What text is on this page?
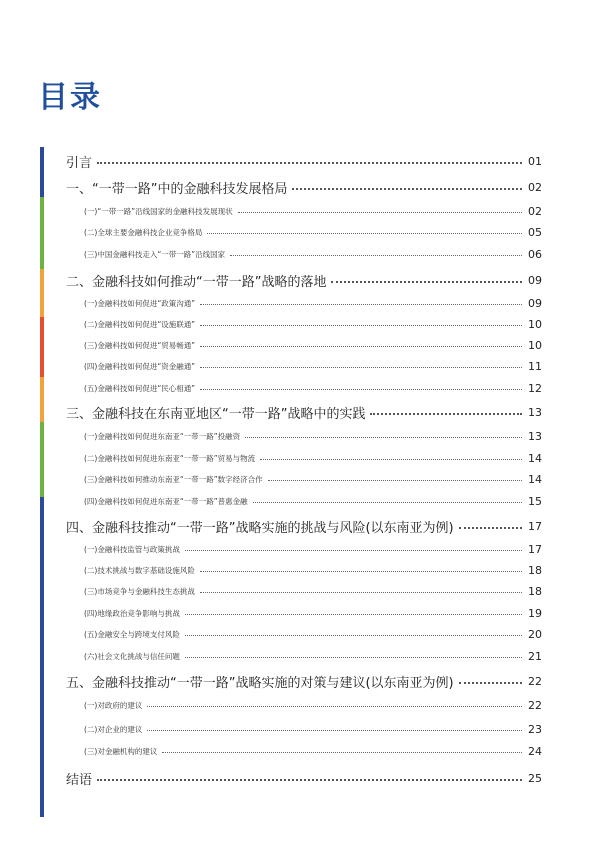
目录
引言	01
一、“一带一路”中的金融科技发展格局	02
(一)“一带一路”沿线国家的金融科技发展现状	02
(二)全球主要金融科技企业竞争格局	05
(三)中国金融科技走入“一带一路”沿线国家	06
二、金融科技如何推动“一带一路”战略的落地	09
(一)金融科技如何促进“政策沟通”	09
(二)金融科技如何促进“设施联通”	10
(三)金融科技如何促进“贸易畅通”	10
(四)金融科技如何促进“资金融通”	11
(五)金融科技如何促进“民心相通”	12
三、金融科技在东南亚地区“一带一路”战略中的实践	13
(一)金融科技如何促进东南亚“一带一路”投融资	13
(二)金融科技如何促进东南亚“一带一路”贸易与物流	14
(三)金融科技如何推动东南亚“一带一路”数字经济合作	14
(四)金融科技如何促进东南亚“一带一路”普惠金融	15
四、金融科技推动“一带一路”战略实施的挑战与风险(以东南亚为例)	17
(一)金融科技监管与政策挑战	17
(二)技术挑战与数字基础设施风险	18
(三)市场竞争与金融科技生态挑战	18
(四)地缘政治竞争影响与挑战	19
(五)金融安全与跨境支付风险	20
(六)社会文化挑战与信任问题	21
五、金融科技推动“一带一路”战略实施的对策与建议(以东南亚为例)	22
(一)对政府的建议	22
(二)对企业的建议	23
(三)对金融机构的建议	24
结语	25
